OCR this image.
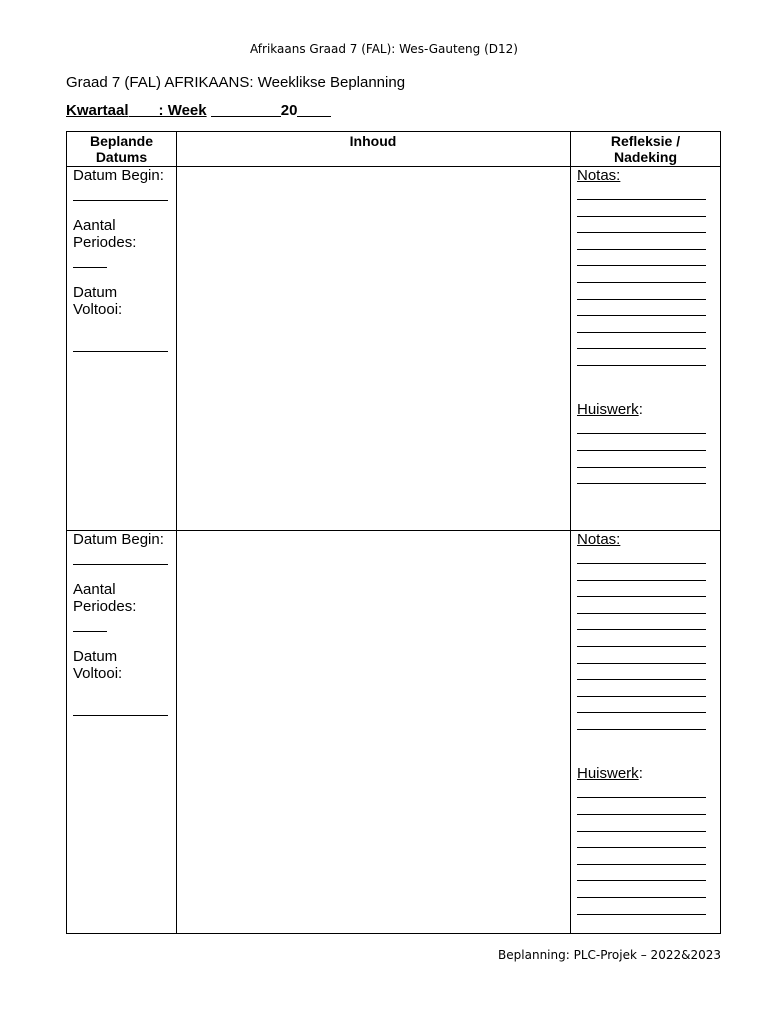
Afrikaans Graad 7 (FAL): Wes-Gauteng (D12)
Graad 7 (FAL) AFRIKAANS: Weeklikse Beplanning
Kwartaal : Week	20
Beplande
Datums
Inhoud	Refleksie /
Nadeking
Datum Begin:
Aantal
Periodes:
Datum
Voltooi:
Notas:
Huiswerk:
Datum Begin:
Aantal
Periodes:
Datum
Voltooi:
Notas:
Huiswerk:
Beplanning: PLC-Projek – 2022&2023
